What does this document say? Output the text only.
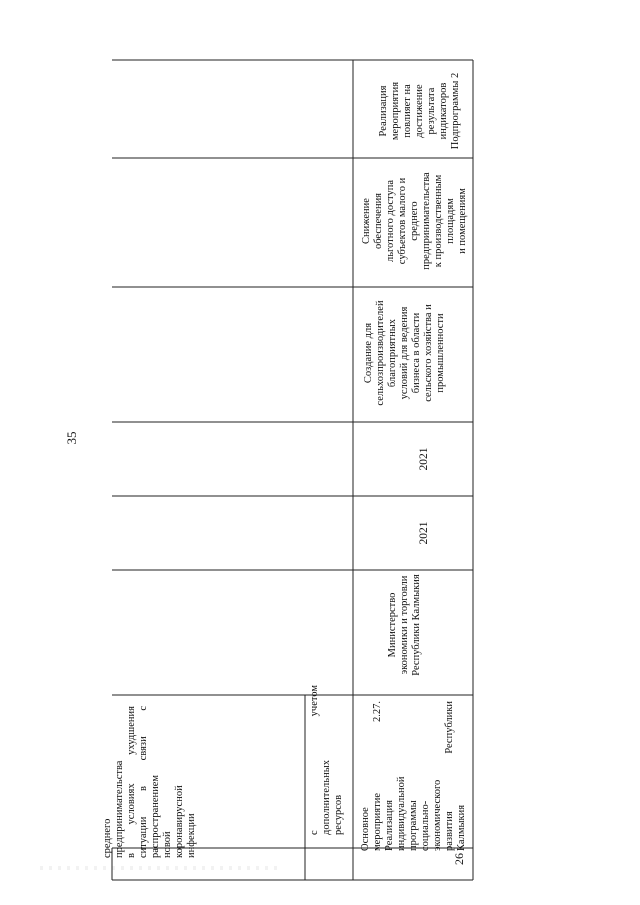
35
среднего предпринимательства в условиях ухудшения ситуации в связи с распространением новой коронавирусной инфекции
с учетом дополнительных ресурсов
26
Основное мероприятие 2.27. Реализация индивидуальной программы социально- экономического развития Республики Калмыкия
Министерство экономики и торговли Республики Калмыкия
2021
2021
Создание для сельхозпроизводителей благоприятных условий для ведения бизнеса в области сельского хозяйства и промышленности
Снижение обеспечения льготного доступа субъектов малого и среднего предпринимательства к производственным площадям и помещениям
Реализация мероприятия повлияет на достижение результата индикаторов Подпрограммы 2
